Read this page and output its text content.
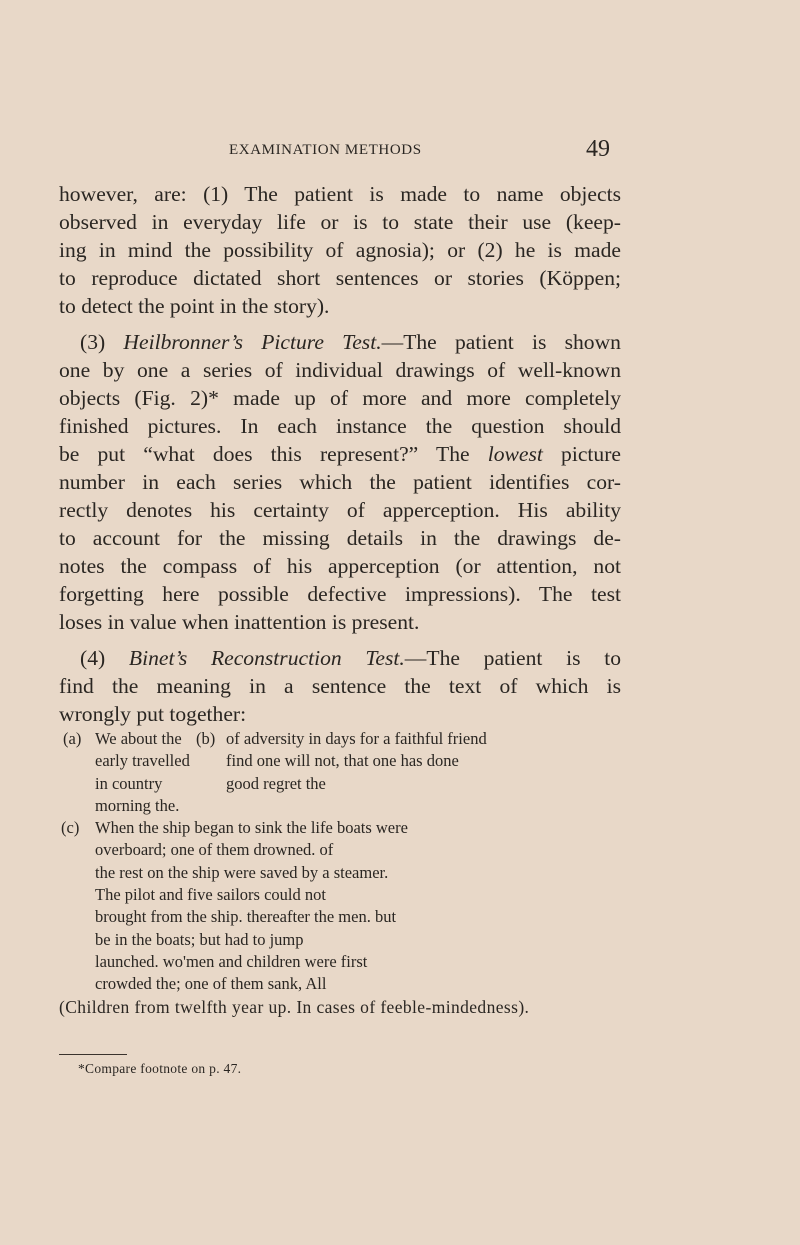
EXAMINATION METHODS	49
however, are: (1) The patient is made to name objects
observed in everyday life or is to state their use (keep-
ing in mind the possibility of agnosia); or (2) he is made
to reproduce dictated short sentences or stories (Köppen;
to detect the point in the story).
(3) Heilbronner’s Picture Test.—The patient is shown
one by one a series of individual drawings of well-known
objects (Fig. 2)* made up of more and more completely
finished pictures. In each instance the question should
be put “what does this represent?” The lowest picture
number in each series which the patient identifies cor-
rectly denotes his certainty of apperception. His ability
to account for the missing details in the drawings de-
notes the compass of his apperception (or attention, not
forgetting here possible defective impressions). The test
loses in value when inattention is present.
(4) Binet’s Reconstruction Test.—The patient is to
find the meaning in a sentence the text of which is
wrongly put together:
(a) We about the (b) of adversity in days for a faithful friend
early travelled find one will not, that one has done
in country	good regret the
morning the.
(c) When the ship began to sink the life boats were
overboard; one of them drowned. of
the rest on the ship were saved by a steamer.
The pilot and five sailors could not
brought from the ship. thereafter the men. but
be in the boats; but had to jump
launched. wo'men and children were first
crowded the; one of them sank, All
(Children from twelfth year up. In cases of feeble-mindedness).
*Compare footnote on p. 47.
